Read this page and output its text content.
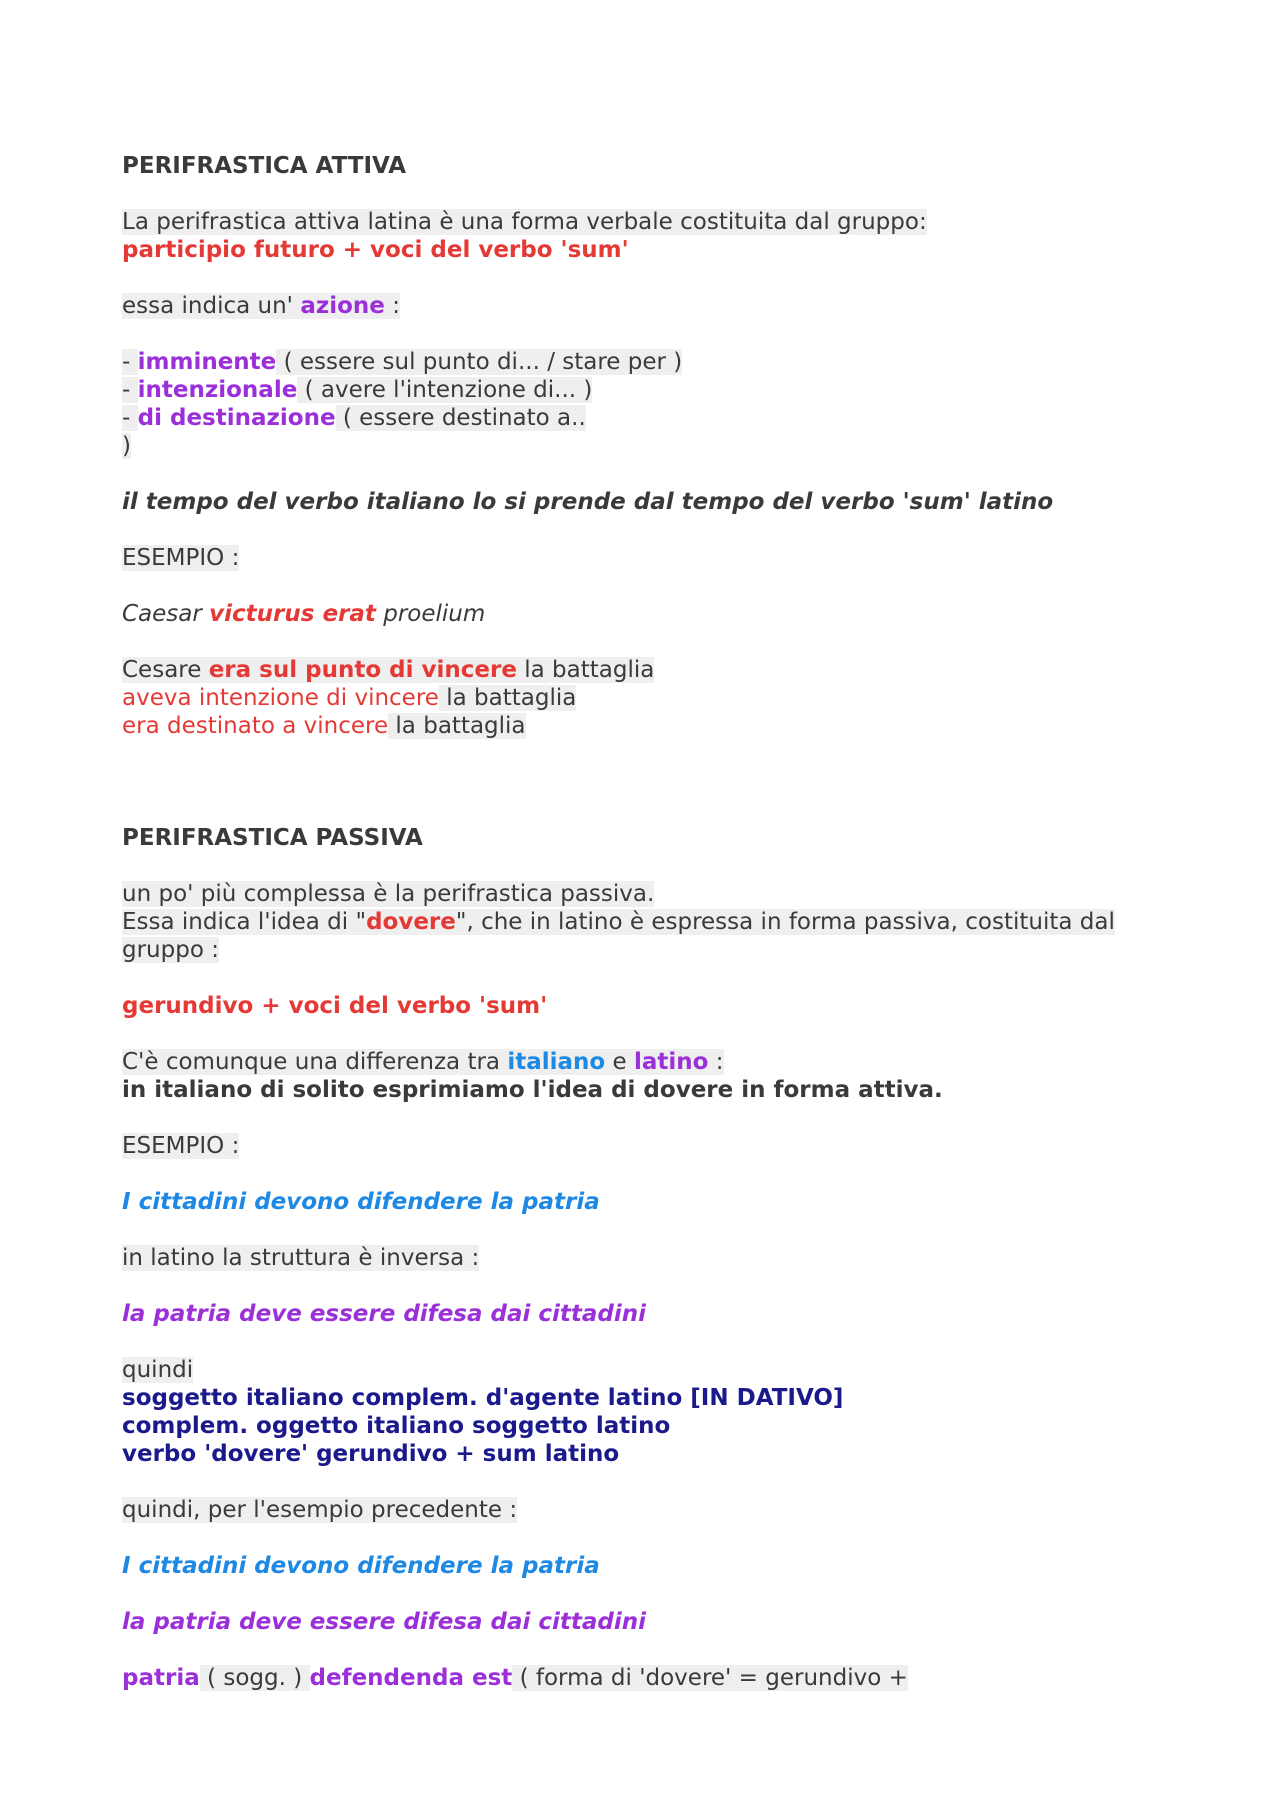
PERIFRASTICA ATTIVA
La perifrastica attiva latina è una forma verbale costituita dal gruppo:
participio futuro + voci del verbo 'sum'
essa indica un' azione :
- imminente ( essere sul punto di... / stare per )
- intenzionale ( avere l'intenzione di... )
- di destinazione ( essere destinato a..
)
il tempo del verbo italiano lo si prende dal tempo del verbo 'sum' latino
ESEMPIO :
Caesar victurus erat proelium
Cesare era sul punto di vincere la battaglia
aveva intenzione di vincere la battaglia
era destinato a vincere la battaglia
PERIFRASTICA PASSIVA
un po' più complessa è la perifrastica passiva.
Essa indica l'idea di "dovere", che in latino è espressa in forma passiva, costituita dal
gruppo :
gerundivo + voci del verbo 'sum'
C'è comunque una differenza tra italiano e latino :
in italiano di solito esprimiamo l'idea di dovere in forma attiva.
ESEMPIO :
I cittadini devono difendere la patria
in latino la struttura è inversa :
la patria deve essere difesa dai cittadini
quindi
soggetto italiano complem. d'agente latino [IN DATIVO]
complem. oggetto italiano soggetto latino
verbo 'dovere' gerundivo + sum latino
quindi, per l'esempio precedente :
I cittadini devono difendere la patria
la patria deve essere difesa dai cittadini
patria ( sogg. ) defendenda est ( forma di 'dovere' = gerundivo +
